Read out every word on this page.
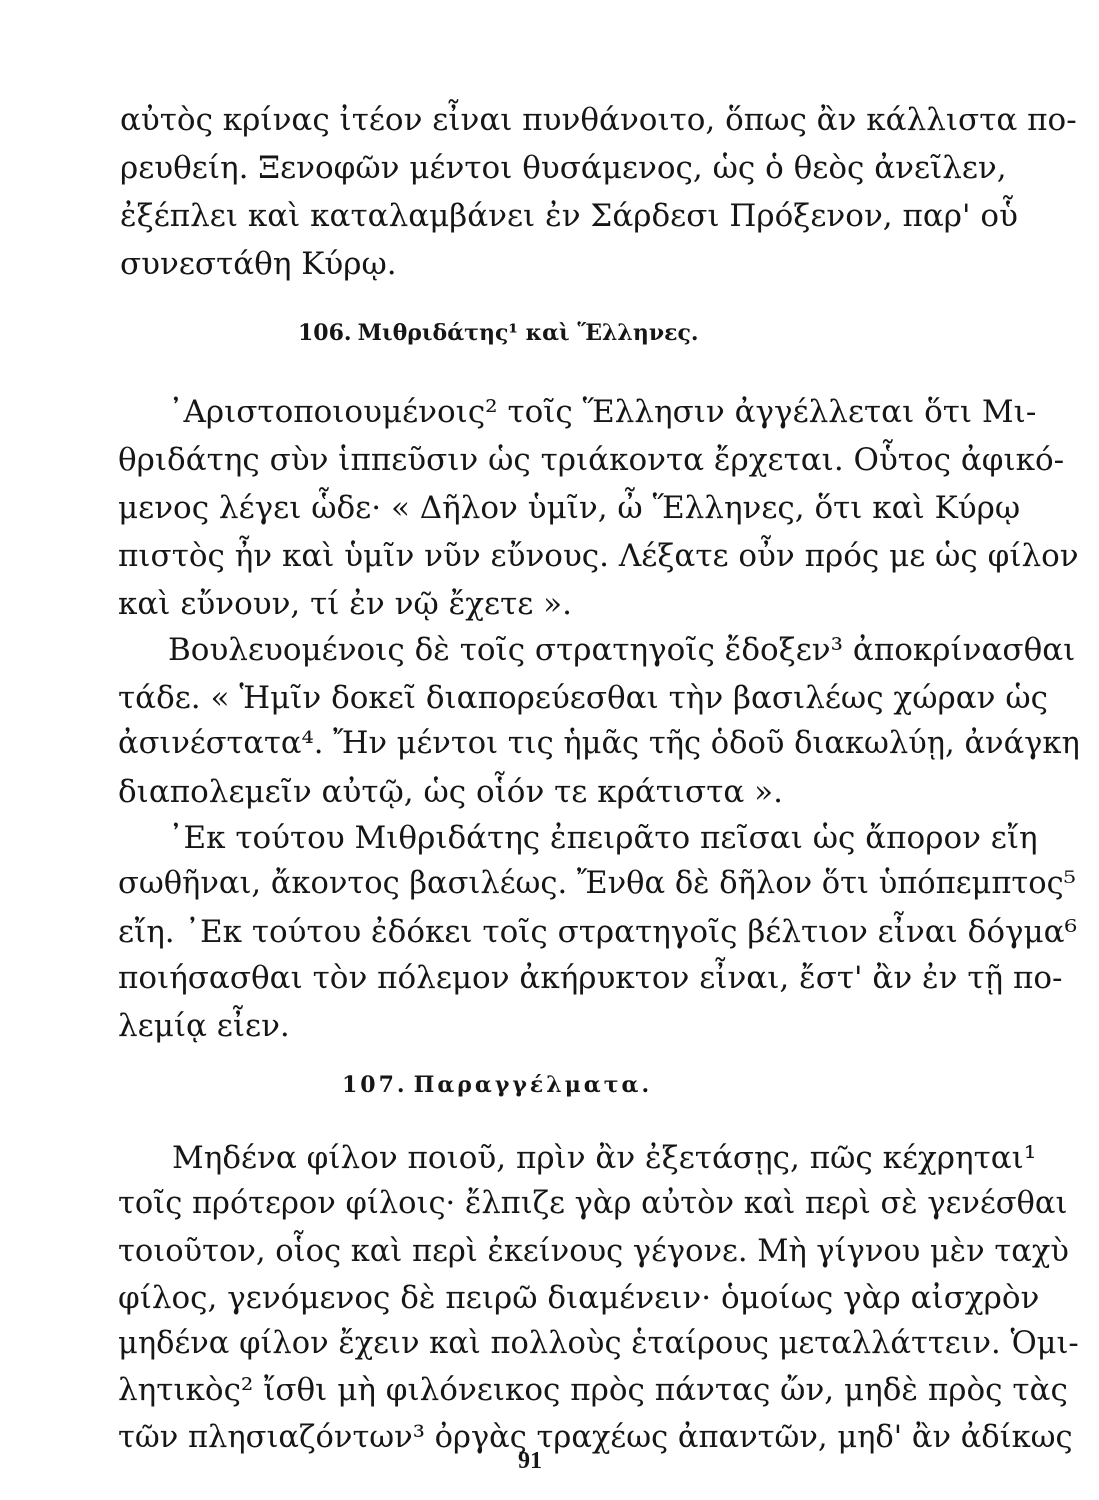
αὐτὸς κρίνας ἰτέον εἶναι πυνθάνοιτο, ὅπως ἂν κάλλιστα πο-
ρευθείη. Ξενοφῶν μέντοι θυσάμενος, ὡς ὁ θεὸς ἀνεῖλεν,
ἐξέπλει καὶ καταλαμβάνει ἐν Σάρδεσι Πρόξενον, παρ' οὗ
συνεστάθη Κύρῳ.
106. Μιθριδάτης¹ καὶ Ἕλληνες.
᾿Αριστοποιουμένοις² τοῖς Ἕλλησιν ἀγγέλλεται ὅτι Μι-
θριδάτης σὺν ἱππεῦσιν ὡς τριάκοντα ἔρχεται. Οὗτος ἀφικό-
μενος λέγει ὧδε· « Δῆλον ὑμῖν, ὦ Ἕλληνες, ὅτι καὶ Κύρῳ
πιστὸς ἦν καὶ ὑμῖν νῦν εὔνους. Λέξατε οὖν πρός με ὡς φίλον
καὶ εὔνουν, τί ἐν νῷ ἔχετε ».
Βουλευομένοις δὲ τοῖς στρατηγοῖς ἔδοξεν³ ἀποκρίνασθαι
τάδε. « Ἡμῖν δοκεῖ διαπορεύεσθαι τὴν βασιλέως χώραν ὡς
ἀσινέστατα⁴. Ἤν μέντοι τις ἡμᾶς τῆς ὁδοῦ διακωλύῃ, ἀνάγκη
διαπολεμεῖν αὐτῷ, ὡς οἷόν τε κράτιστα ».
᾿Εκ τούτου Μιθριδάτης ἐπειρᾶτο πεῖσαι ὡς ἄπορον εἴη
σωθῆναι, ἄκοντος βασιλέως. Ἔνθα δὲ δῆλον ὅτι ὑπόπεμπτος⁵
εἴη. ᾿Εκ τούτου ἐδόκει τοῖς στρατηγοῖς βέλτιον εἶναι δόγμα⁶
ποιήσασθαι τὸν πόλεμον ἀκήρυκτον εἶναι, ἔστ' ἂν ἐν τῇ πο-
λεμίᾳ εἶεν.
107. Παραγγέλματα.
Μηδένα φίλον ποιοῦ, πρὶν ἂν ἐξετάσῃς, πῶς κέχρηται¹
τοῖς πρότερον φίλοις· ἔλπιζε γὰρ αὐτὸν καὶ περὶ σὲ γενέσθαι
τοιοῦτον, οἷος καὶ περὶ ἐκείνους γέγονε. Μὴ γίγνου μὲν ταχὺ
φίλος, γενόμενος δὲ πειρῶ διαμένειν· ὁμοίως γὰρ αἰσχρὸν
μηδένα φίλον ἔχειν καὶ πολλοὺς ἑταίρους μεταλλάττειν. Ὁμι-
λητικὸς² ἴσθι μὴ φιλόνεικος πρὸς πάντας ὤν, μηδὲ πρὸς τὰς
τῶν πλησιαζόντων³ ὀργὰς τραχέως ἀπαντῶν, μηδ' ἂν ἀδίκως
91
